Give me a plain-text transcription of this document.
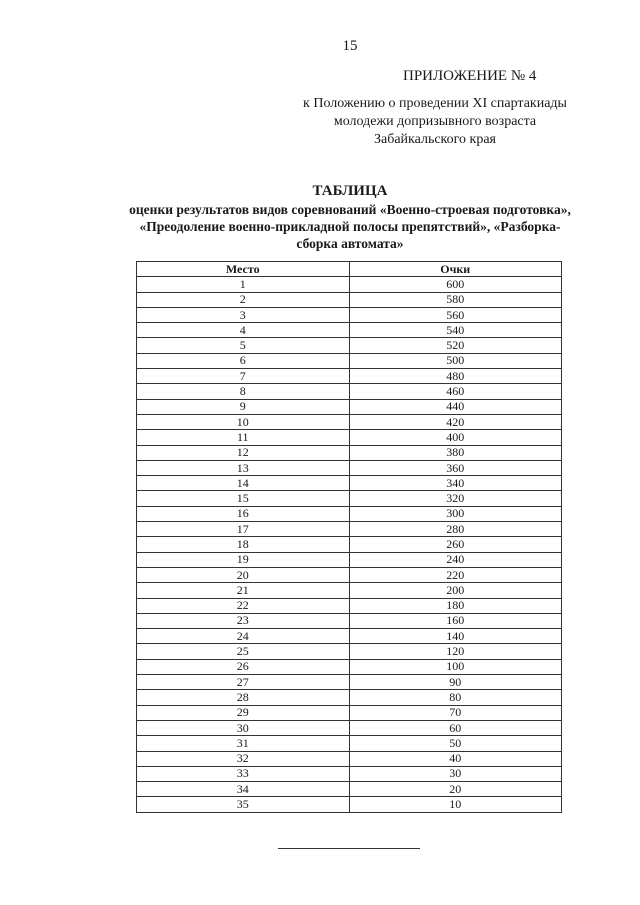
15
ПРИЛОЖЕНИЕ № 4
к Положению о проведении XI спартакиады
молодежи допризывного возраста
Забайкальского края
ТАБЛИЦА
оценки результатов видов соревнований «Военно-строевая подготовка»,
«Преодоление военно-прикладной полосы препятствий», «Разборка-
сборка автомата»
Место	Очки
1	600
2	580
3	560
4	540
5	520
6	500
7	480
8	460
9	440
10	420
11	400
12	380
13	360
14	340
15	320
16	300
17	280
18	260
19	240
20	220
21	200
22	180
23	160
24	140
25	120
26	100
27	90
28	80
29	70
30	60
31	50
32	40
33	30
34	20
35	10
